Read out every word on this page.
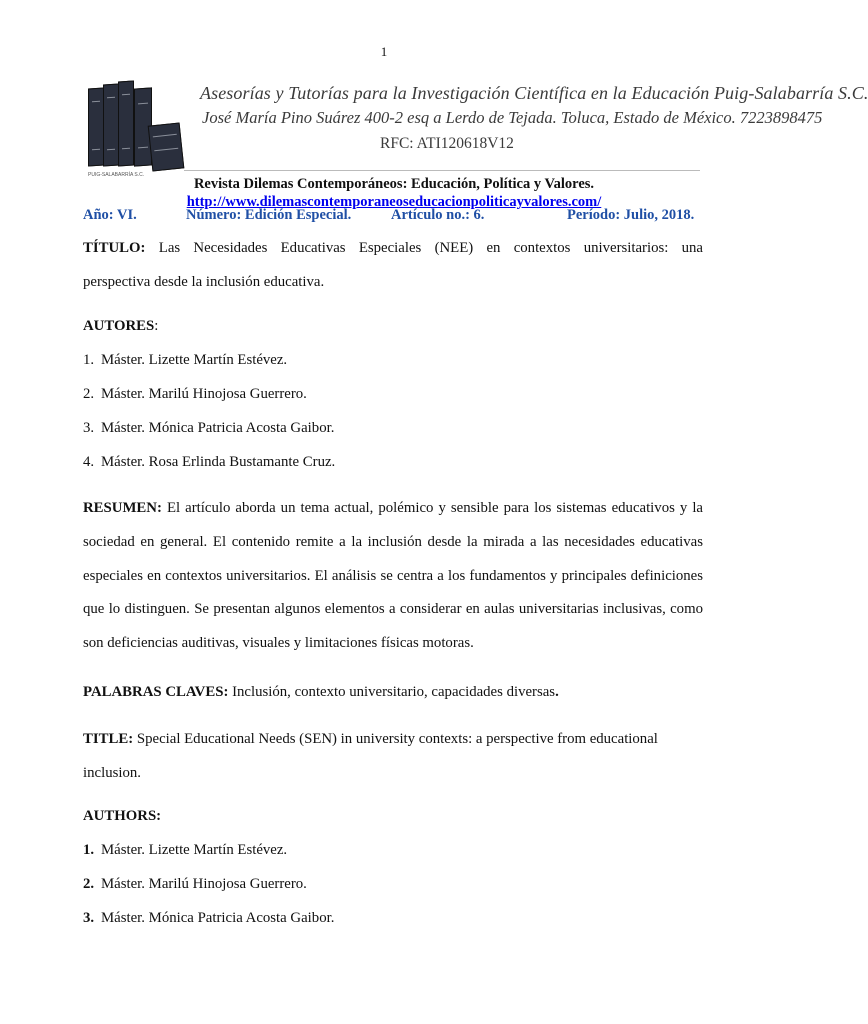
1
PUIG-SALABARRÍA S.C.
Asesorías y Tutorías para la Investigación Científica en la Educación Puig-Salabarría S.C.
José María Pino Suárez 400-2 esq a Lerdo de Tejada. Toluca, Estado de México. 7223898475
RFC: ATI120618V12
Revista Dilemas Contemporáneos: Educación, Política y Valores.
http://www.dilemascontemporaneoseducacionpoliticayvalores.com/
Año: VI.	Número: Edición Especial.	Artículo no.: 6.	Período: Julio, 2018.
TÍTULO: Las Necesidades Educativas Especiales (NEE) en contextos universitarios: una
perspectiva desde la inclusión educativa.
AUTORES:
1. Máster. Lizette Martín Estévez.
2. Máster. Marilú Hinojosa Guerrero.
3. Máster. Mónica Patricia Acosta Gaibor.
4. Máster. Rosa Erlinda Bustamante Cruz.
RESUMEN: El artículo aborda un tema actual, polémico y sensible para los sistemas educativos y la sociedad en general. El contenido remite a la inclusión desde la mirada a las necesidades educativas especiales en contextos universitarios. El análisis se centra a los fundamentos y principales definiciones que lo distinguen. Se presentan algunos elementos a considerar en aulas universitarias inclusivas, como son deficiencias auditivas, visuales y limitaciones físicas motoras.
PALABRAS CLAVES: Inclusión, contexto universitario, capacidades diversas.
TITLE: Special Educational Needs (SEN) in university contexts: a perspective from educational
inclusion.
AUTHORS:
1. Máster. Lizette Martín Estévez.
2. Máster. Marilú Hinojosa Guerrero.
3. Máster. Mónica Patricia Acosta Gaibor.
